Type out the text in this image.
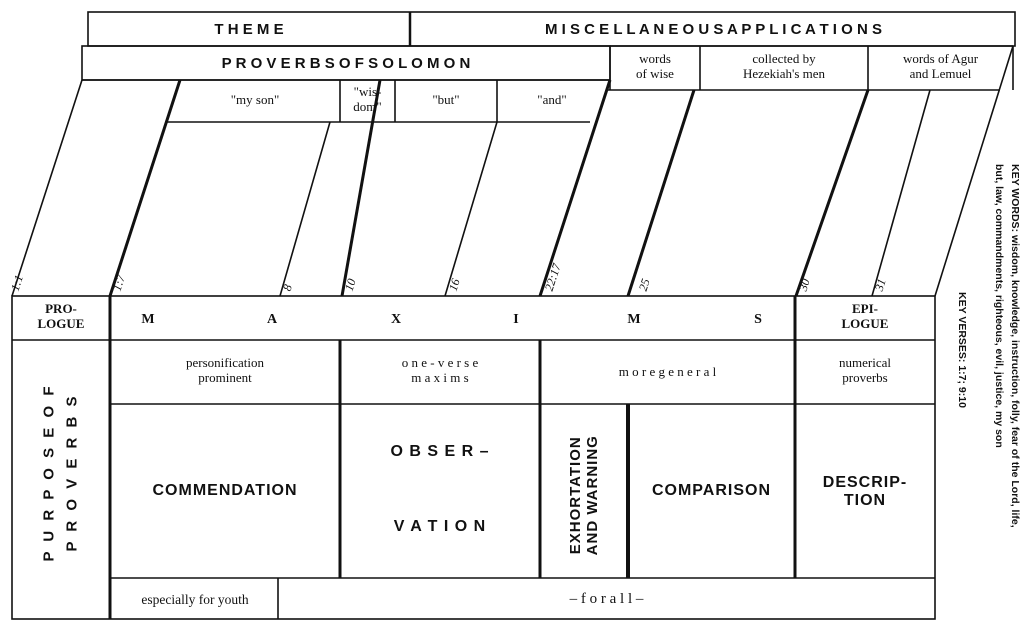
T H E M E	M I S C E L L A N E O U S A P P L I C A T I O N S
P R O V E R B S O F S O L O M O N	words
of wise
collected by
Hezekiah's men
words of Agur
and Lemuel
"my son"
"wis-
dom"	"but"	"and"
1:1	1:7	8	10	16	22:17	25	30	31
PRO-
LOGUE	M	A	X	I	M	S
EPI-
LOGUE
personification
prominent
o n e - v e r s e
m a x i m s	m o r e g e n e r a l
numerical
proverbs
P U R P O S E O F
P R O V E R B S
COMMENDATION
O B S E R –
V A T I O N	EXHORTATION
AND WARNING	COMPARISON	DESCRIP-
TION
especially for youth	– f o r a l l –
KEY WORDS: wisdom, knowledge, instruction, folly, fear of the Lord, life,
but, law, commandments, righteous, evil, justice, my son
KEY VERSES: 1:7; 9:10
